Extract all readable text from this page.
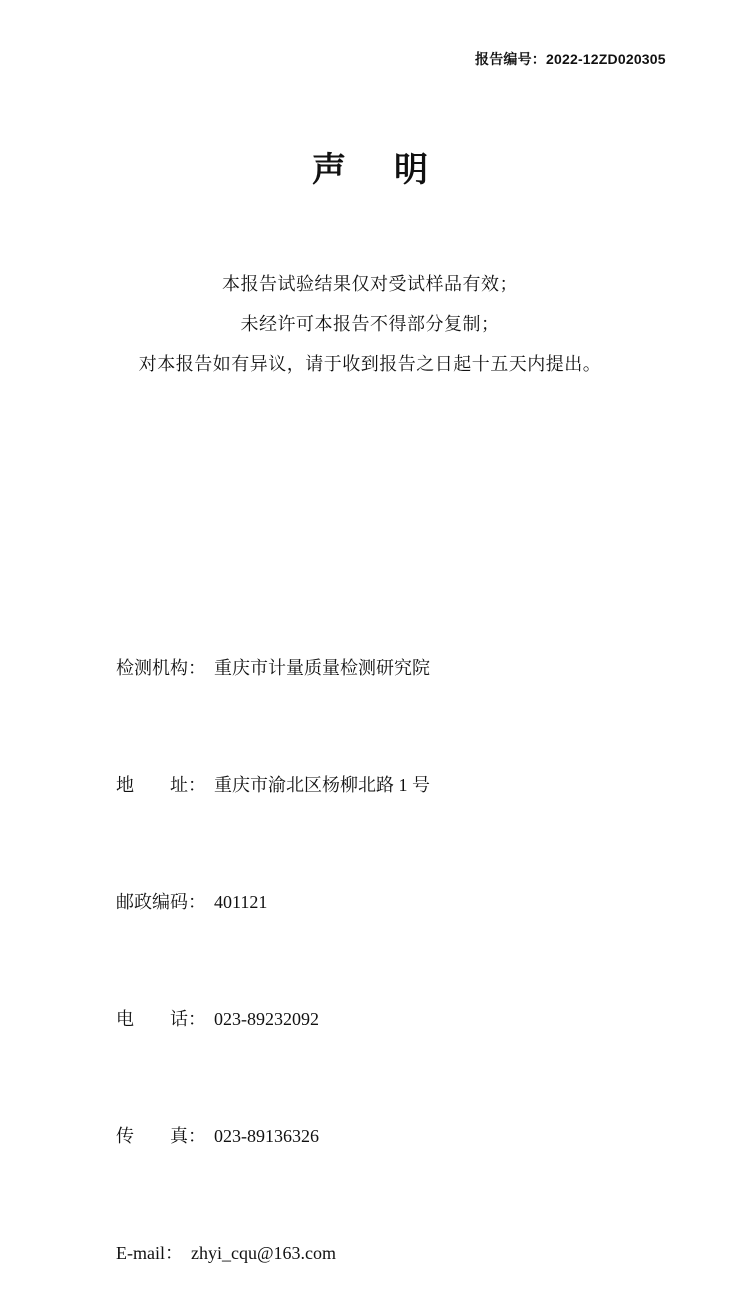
报告编号：2022-12ZD020305
声 明

本报告试验结果仅对受试样品有效；

未经许可本报告不得部分复制；

对本报告如有异议，请于收到报告之日起十五天内提出。

检测机构： 重庆市计量质量检测研究院

地　　址： 重庆市渝北区杨柳北路 1 号

邮政编码： 401121

电　　话： 023-89232092

传　　真： 023-89136326

E-mail： zhyi_cqu@163.com
